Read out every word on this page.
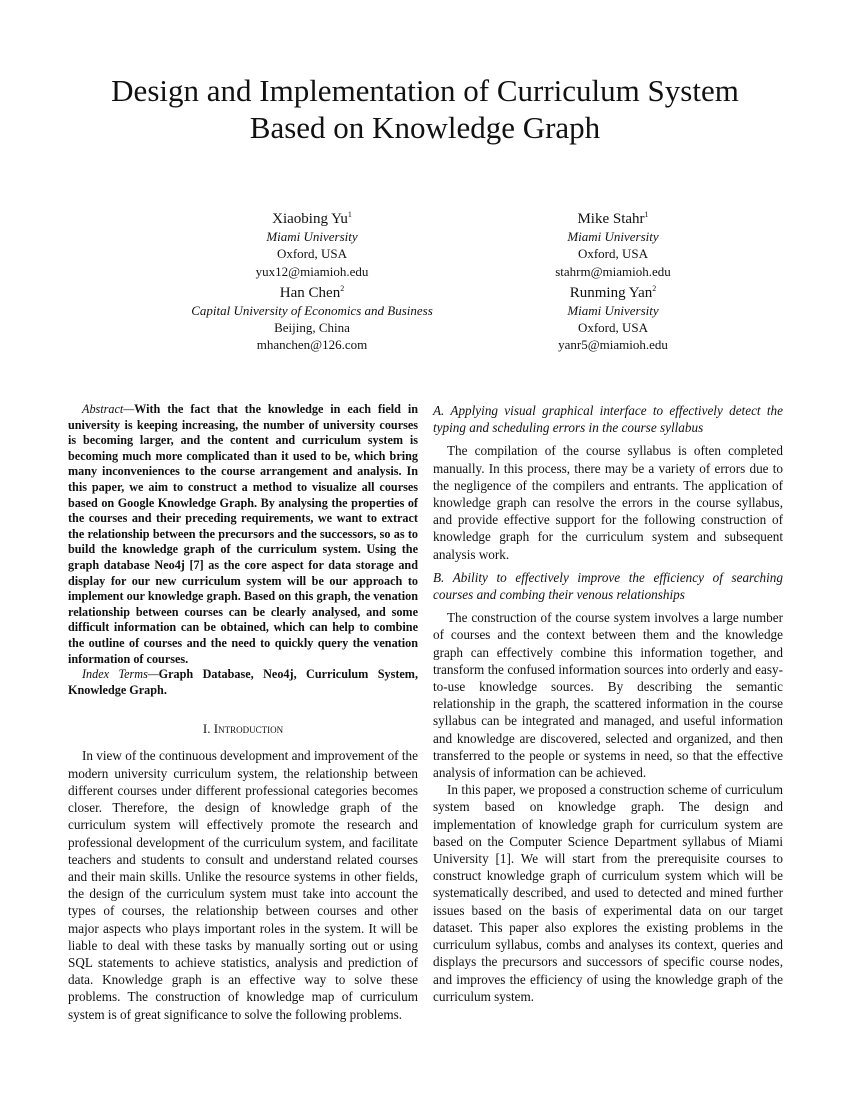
Design and Implementation of Curriculum System
Based on Knowledge Graph
Xiaobing Yu$^1$
Miami University
Oxford, USA
yux12@miamioh.edu
Han Chen$^2$
Capital University of Economics and Business
Beijing, China
mhanchen@126.com
Mike Stahr$^1$
Miami University
Oxford, USA
stahrm@miamioh.edu
Runming Yan$^2$
Miami University
Oxford, USA
yanr5@miamioh.edu

Abstract—With the fact that the knowledge in each field in university is keeping increasing, the number of university courses is becoming larger, and the content and curriculum system is becoming much more complicated than it used to be, which bring many inconveniences to the course arrangement and analysis. In this paper, we aim to construct a method to visualize all courses based on Google Knowledge Graph. By analysing the properties of the courses and their preceding requirements, we want to extract the relationship between the precursors and the successors, so as to build the knowledge graph of the curriculum system. Using the graph database Neo4j [7] as the core aspect for data storage and display for our new curriculum system will be our approach to implement our knowledge graph. Based on this graph, the venation relationship between courses can be clearly analysed, and some difficult information can be obtained, which can help to combine the outline of courses and the need to quickly query the venation information of courses.

Index Terms—Graph Database, Neo4j, Curriculum System, Knowledge Graph.

I. Introduction

In view of the continuous development and improvement of the modern university curriculum system, the relationship between different courses under different professional categories becomes closer. Therefore, the design of knowledge graph of the curriculum system will effectively promote the research and professional development of the curriculum system, and facilitate teachers and students to consult and understand related courses and their main skills. Unlike the resource systems in other fields, the design of the curriculum system must take into account the types of courses, the relationship between courses and other major aspects who plays important roles in the system. It will be liable to deal with these tasks by manually sorting out or using SQL statements to achieve statistics, analysis and prediction of data. Knowledge graph is an effective way to solve these problems. The construction of knowledge map of curriculum system is of great significance to solve the following problems.

A. Applying visual graphical interface to effectively detect the typing and scheduling errors in the course syllabus

The compilation of the course syllabus is often completed manually. In this process, there may be a variety of errors due to the negligence of the compilers and entrants. The application of knowledge graph can resolve the errors in the course syllabus, and provide effective support for the following construction of knowledge graph for the curriculum system and subsequent analysis work.

B. Ability to effectively improve the efficiency of searching courses and combing their venous relationships

The construction of the course system involves a large number of courses and the context between them and the knowledge graph can effectively combine this information together, and transform the confused information sources into orderly and easy-to-use knowledge sources. By describing the semantic relationship in the graph, the scattered information in the course syllabus can be integrated and managed, and useful information and knowledge are discovered, selected and organized, and then transferred to the people or systems in need, so that the effective analysis of information can be achieved.

In this paper, we proposed a construction scheme of curriculum system based on knowledge graph. The design and implementation of knowledge graph for curriculum system are based on the Computer Science Department syllabus of Miami University [1]. We will start from the prerequisite courses to construct knowledge graph of curriculum system which will be systematically described, and used to detected and mined further issues based on the basis of experimental data on our target dataset. This paper also explores the existing problems in the curriculum syllabus, combs and analyses its context, queries and displays the precursors and successors of specific course nodes, and improves the efficiency of using the knowledge graph of the curriculum system.
